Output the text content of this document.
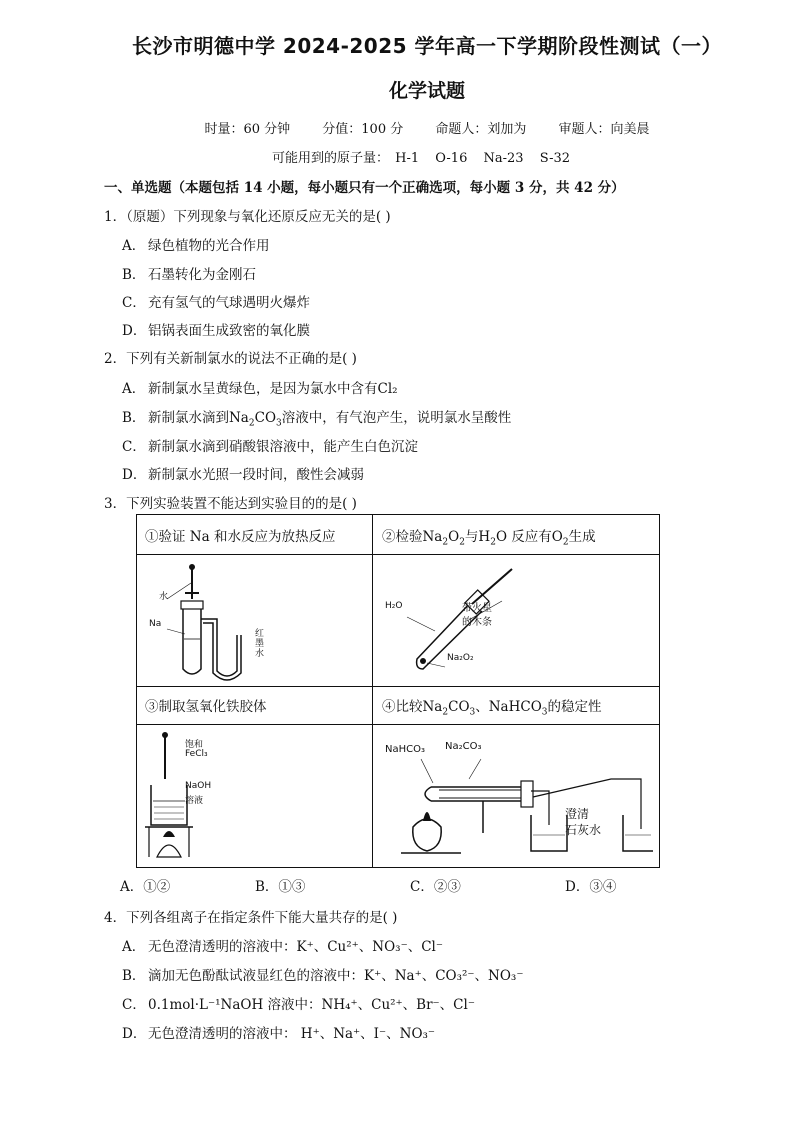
长沙市明德中学 2024-2025 学年高一下学期阶段性测试（一）
化学试题
时量：60 分钟 分值：100 分 命题人：刘加为 审题人：向美晨
可能用到的原子量： H-1 O-16 Na-23 S-32
一、单选题（本题包括 14 小题，每小题只有一个正确选项，每小题 3 分，共 42 分）
1．（原题）下列现象与氧化还原反应无关的是( )
A． 绿色植物的光合作用
B． 石墨转化为金刚石
C． 充有氢气的气球遇明火爆炸
D． 铝锅表面生成致密的氧化膜
2．下列有关新制氯水的说法不正确的是( )
A． 新制氯水呈黄绿色，是因为氯水中含有Cl₂
B． 新制氯水滴到$Na_2CO_3$溶液中，有气泡产生，说明氯水呈酸性
C． 新制氯水滴到硝酸银溶液中，能产生白色沉淀
D． 新制氯水光照一段时间，酸性会减弱
3．下列实验装置不能达到实验目的的是( )
①验证 Na 和水反应为放热反应	②检验$Na_2O_2$与$H_2O$ 反应有$O_2$生成
③制取氢氧化铁胶体	④比较$Na_2CO_3$、NaHCO$_3$的稳定性
水
Na
红墨水
H₂O	带火星
的木条
Na₂O₂
饱和
FeCl₃
NaOH
溶液
NaHCO₃ Na₂CO₃
澄清
石灰水
A．①②	B．①③	C．②③	D．③④
4．下列各组离子在指定条件下能大量共存的是( )
A． 无色澄清透明的溶液中：K⁺、Cu²⁺、NO₃⁻、Cl⁻
B． 滴加无色酚酞试液显红色的溶液中：K⁺、Na⁺、CO₃²⁻、NO₃⁻
C． 0.1mol·L⁻¹NaOH 溶液中：NH₄⁺、Cu²⁺、Br⁻、Cl⁻
D． 无色澄清透明的溶液中： H⁺、Na⁺、I⁻、NO₃⁻
